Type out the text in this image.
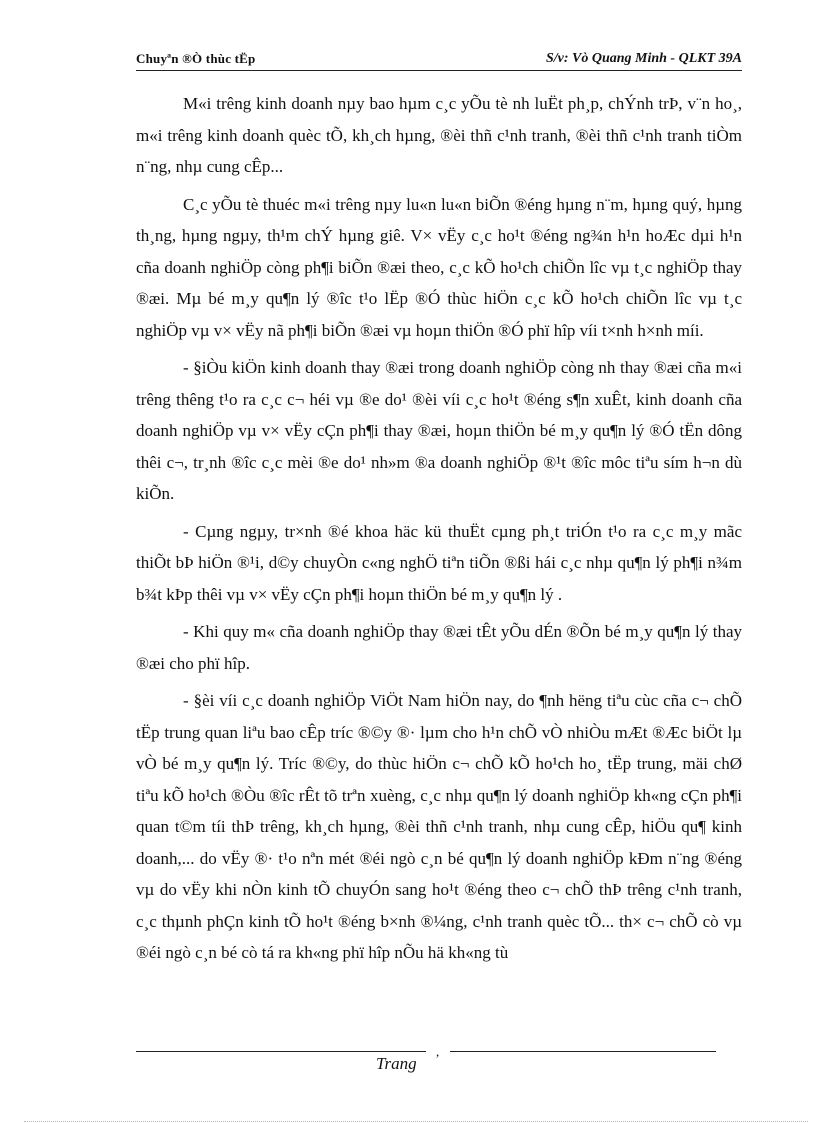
Chuyªn ®Ò thùc tËp	S/v: Vò Quang Minh - QLKT 39A

M«i trêng kinh doanh nµy bao hµm c¸c yÕu tè nh luËt ph¸p, chÝnh trÞ, v¨n ho¸, m«i trêng kinh doanh quèc tÕ, kh¸ch hµng, ®èi thñ c¹nh tranh, ®èi thñ c¹nh tranh tiÒm n¨ng, nhµ cung cÊp...

C¸c yÕu tè thuéc m«i trêng nµy lu«n lu«n biÕn ®éng hµng n¨m, hµng quý, hµng th¸ng, hµng ngµy, th¹m chÝ hµng giê. V× vËy c¸c ho¹t ®éng ng¾n h¹n hoÆc dµi h¹n cña doanh nghiÖp còng ph¶i biÕn ®æi theo, c¸c kÕ ho¹ch chiÕn lîc vµ t¸c nghiÖp thay ®æi. Mµ bé m¸y qu¶n lý ®îc t¹o lËp ®Ó thùc hiÖn c¸c kÕ ho¹ch chiÕn lîc vµ t¸c nghiÖp vµ v× vËy nã ph¶i biÕn ®æi vµ hoµn thiÖn ®Ó phï hîp víi t×nh h×nh míi.

- §iÒu kiÖn kinh doanh thay ®æi trong doanh nghiÖp còng nh thay ®æi cña m«i trêng thêng t¹o ra c¸c c¬ héi vµ ®e do¹ ®èi víi c¸c ho¹t ®éng s¶n xuÊt, kinh doanh cña doanh nghiÖp vµ v× vËy cÇn ph¶i thay ®æi, hoµn thiÖn bé m¸y qu¶n lý ®Ó tËn dông thêi c¬, tr¸nh ®îc c¸c mèi ®e do¹ nh»m ®a doanh nghiÖp ®¹t ®îc môc tiªu sím h¬n dù kiÕn.

- Cµng ngµy, tr×nh ®é khoa häc kü thuËt cµng ph¸t triÓn t¹o ra c¸c m¸y mãc thiÕt bÞ hiÖn ®¹i, d©y chuyÒn c«ng nghÖ tiªn tiÕn ®ßi hái c¸c nhµ qu¶n lý ph¶i n¾m b¾t kÞp thêi vµ v× vËy cÇn ph¶i hoµn thiÖn bé m¸y qu¶n lý .

- Khi quy m« cña doanh nghiÖp thay ®æi tÊt yÕu dÉn ®Õn bé m¸y qu¶n lý thay ®æi cho phï hîp.

- §èi víi c¸c doanh nghiÖp ViÖt Nam hiÖn nay, do ¶nh hëng tiªu cùc cña c¬ chÕ tËp trung quan liªu bao cÊp tríc ®©y ®· lµm cho h¹n chÕ vÒ nhiÒu mÆt ®Æc biÖt lµ vÒ bé m¸y qu¶n lý. Tríc ®©y, do thùc hiÖn c¬ chÕ kÕ ho¹ch ho¸ tËp trung, mäi chØ tiªu kÕ ho¹ch ®Òu ®îc rÊt tõ trªn xuèng, c¸c nhµ qu¶n lý doanh nghiÖp kh«ng cÇn ph¶i quan t©m tíi thÞ trêng, kh¸ch hµng, ®èi thñ c¹nh tranh, nhµ cung cÊp, hiÖu qu¶ kinh doanh,... do vËy ®· t¹o nªn mét ®éi ngò c¸n bé qu¶n lý doanh nghiÖp kÐm n¨ng ®éng vµ do vËy khi nÒn kinh tÕ chuyÓn sang ho¹t ®éng theo c¬ chÕ thÞ trêng c¹nh tranh, c¸c thµnh phÇn kinh tÕ ho¹t ®éng b×nh ®¼ng, c¹nh tranh quèc tÕ... th× c¬ chÕ cò vµ ®éi ngò c¸n bé cò tá ra kh«ng phï hîp nÕu hä kh«ng tù

,
Trang
